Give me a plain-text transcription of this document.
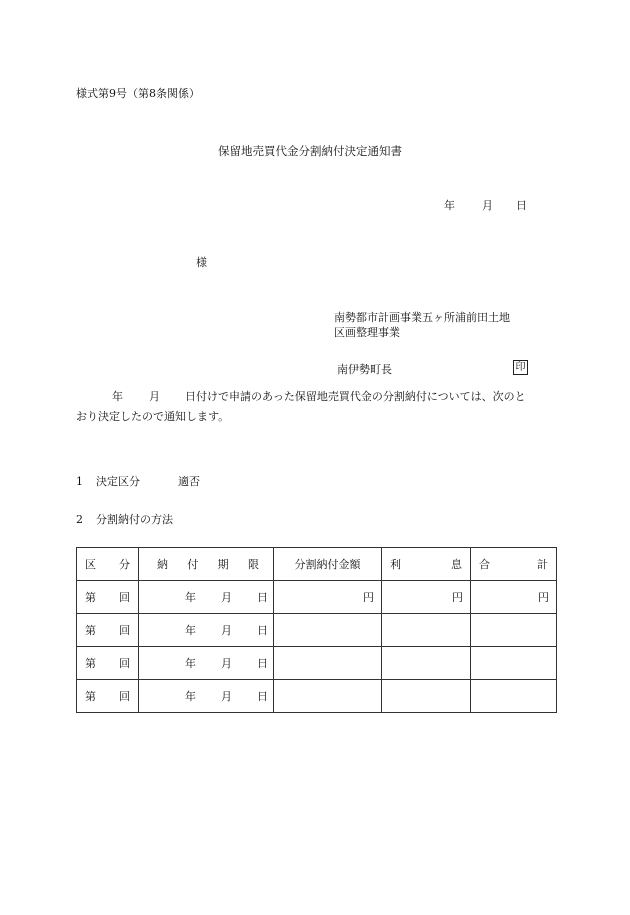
様式第9号（第8条関係）
保留地売買代金分割納付決定通知書
年 月 日
様
南勢都市計画事業五ヶ所浦前田土地
区画整理事業
南伊勢町長	印
年 月 日付けで申請のあった保留地売買代金の分割納付については、次のと
おり決定したので通知します。
1 決定区分	適否
2 分割納付の方法
区 分	納 付 期 限	分割納付金額	利 息	合 計

第 回	年 月 日	円	円	円

第 回	年 月 日			

第 回	年 月 日			

第 回	年 月 日			
